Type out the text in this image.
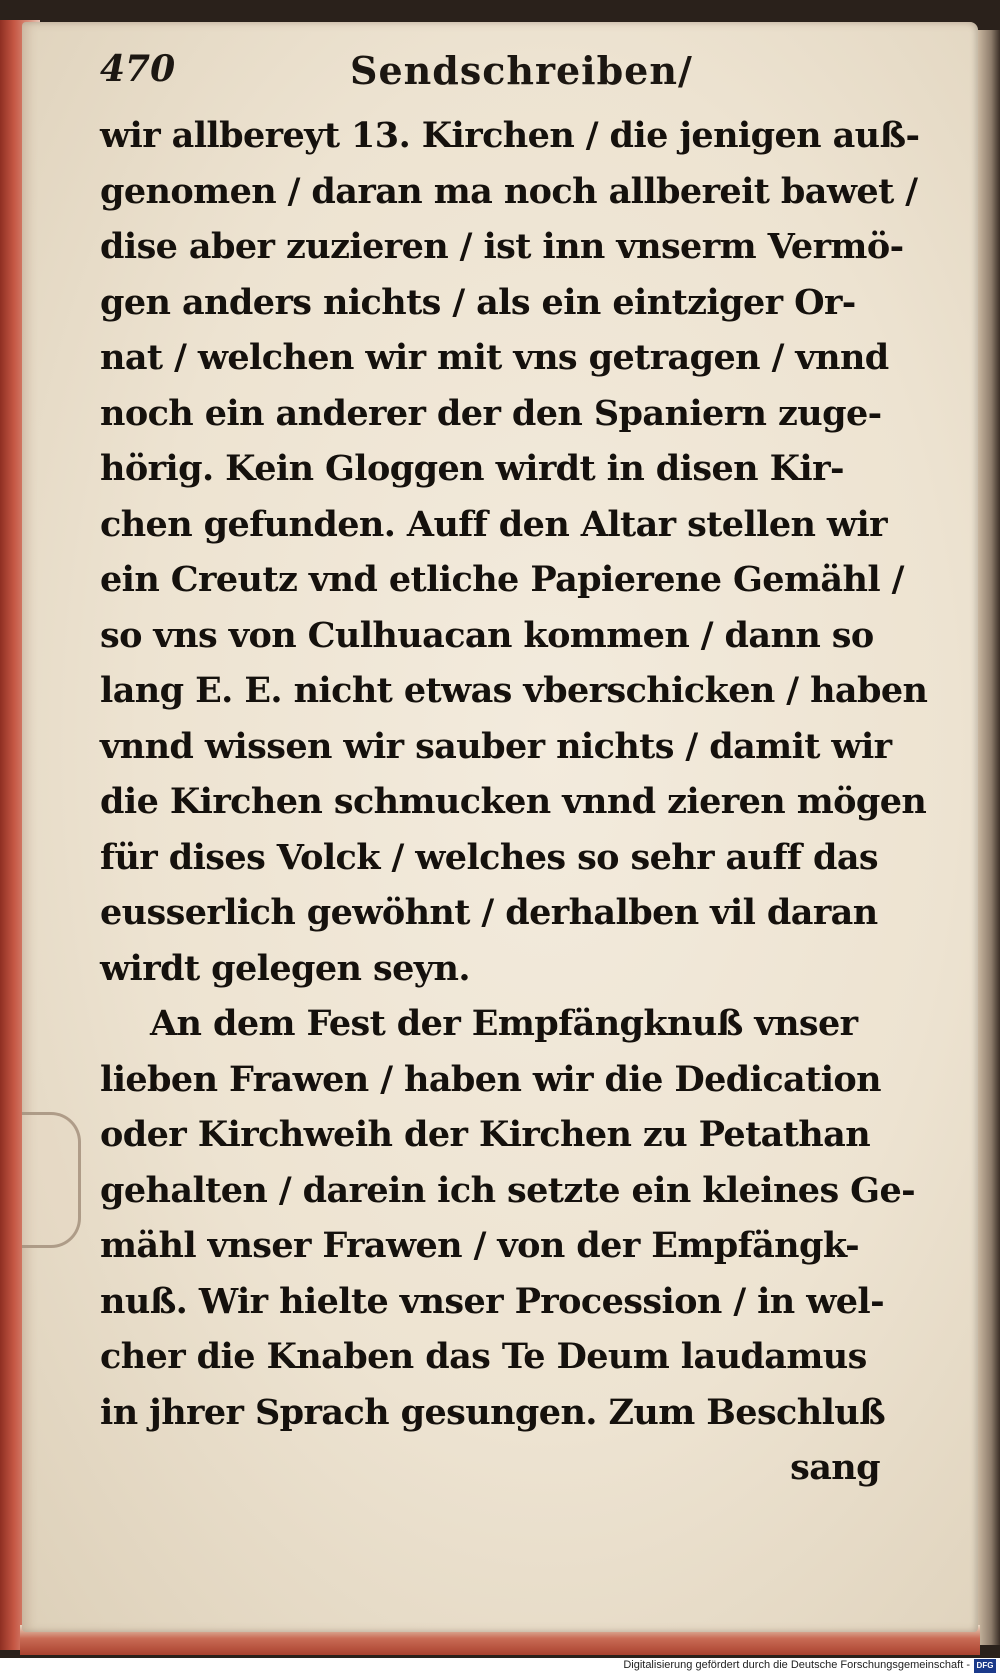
470	Sendschreiben/
wir allbereyt 13. Kirchen / die jenigen auß-
genomen / daran ma noch allbereit bawet /
dise aber zuzieren / ist inn vnserm Vermö-
gen anders nichts / als ein eintziger Or-
nat / welchen wir mit vns getragen / vnnd
noch ein anderer der den Spaniern zuge-
hörig. Kein Gloggen wirdt in disen Kir-
chen gefunden. Auff den Altar stellen wir
ein Creutz vnd etliche Papierene Gemähl /
so vns von Culhuacan kommen / dann so
lang E. E. nicht etwas vberschicken / haben
vnnd wissen wir sauber nichts / damit wir
die Kirchen schmucken vnnd zieren mögen
für dises Volck / welches so sehr auff das
eusserlich gewöhnt / derhalben vil daran
wirdt gelegen seyn.
An dem Fest der Empfängknuß vnser
lieben Frawen / haben wir die Dedication
oder Kirchweih der Kirchen zu Petathan
gehalten / darein ich setzte ein kleines Ge-
mähl vnser Frawen / von der Empfängk-
nuß. Wir hielte vnser Procession / in wel-
cher die Knaben das Te Deum laudamus
in jhrer Sprach gesungen. Zum Beschluß
sang
Digitalisierung gefördert durch die Deutsche Forschungsgemeinschaft - DFG
